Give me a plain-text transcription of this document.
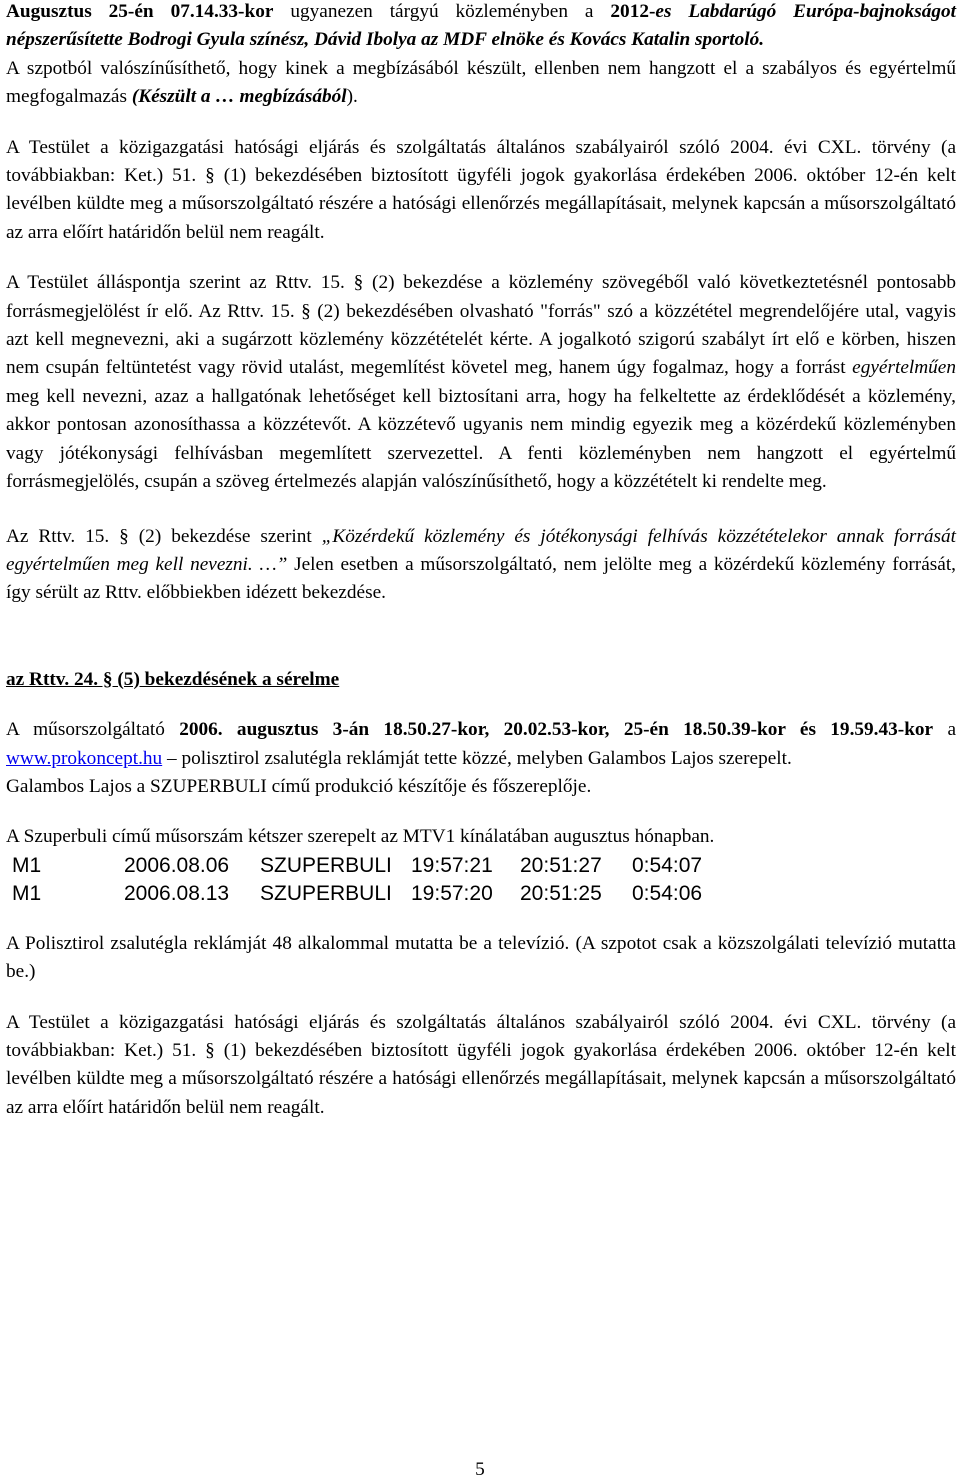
Augusztus 25-én 07.14.33-kor ugyanezen tárgyú közleményben a 2012-es Labdarúgó Európa-bajnokságot népszerűsítette Bodrogi Gyula színész, Dávid Ibolya az MDF elnöke és Kovács Katalin sportoló.

A szpotból valószínűsíthető, hogy kinek a megbízásából készült, ellenben nem hangzott el a szabályos és egyértelmű megfogalmazás (Készült a … megbízásából).

A Testület a közigazgatási hatósági eljárás és szolgáltatás általános szabályairól szóló 2004. évi CXL. törvény (a továbbiakban: Ket.) 51. § (1) bekezdésében biztosított ügyféli jogok gyakorlása érdekében 2006. október 12-én kelt levélben küldte meg a műsorszolgáltató részére a hatósági ellenőrzés megállapításait, melynek kapcsán a műsorszolgáltató az arra előírt határidőn belül nem reagált.

A Testület álláspontja szerint az Rttv. 15. § (2) bekezdése a közlemény szövegéből való következtetésnél pontosabb forrásmegjelölést ír elő. Az Rttv. 15. § (2) bekezdésében olvasható "forrás" szó a közzététel megrendelőjére utal, vagyis azt kell megnevezni, aki a sugárzott közlemény közzétételét kérte. A jogalkotó szigorú szabályt írt elő e körben, hiszen nem csupán feltüntetést vagy rövid utalást, megemlítést követel meg, hanem úgy fogalmaz, hogy a forrást egyértelműen meg kell nevezni, azaz a hallgatónak lehetőséget kell biztosítani arra, hogy ha felkeltette az érdeklődését a közlemény, akkor pontosan azonosíthassa a közzétevőt. A közzétevő ugyanis nem mindig egyezik meg a közérdekű közleményben vagy jótékonysági felhívásban megemlített szervezettel. A fenti közleményben nem hangzott el egyértelmű forrásmegjelölés, csupán a szöveg értelmezés alapján valószínűsíthető, hogy a közzétételt ki rendelte meg.

Az Rttv. 15. § (2) bekezdése szerint „Közérdekű közlemény és jótékonysági felhívás közzétételekor annak forrását egyértelműen meg kell nevezni. …” Jelen esetben a műsorszolgáltató, nem jelölte meg a közérdekű közlemény forrását, így sérült az Rttv. előbbiekben idézett bekezdése.

az Rttv. 24. § (5) bekezdésének a sérelme

A műsorszolgáltató 2006. augusztus 3-án 18.50.27-kor, 20.02.53-kor, 25-én 18.50.39-kor és 19.59.43-kor a www.prokoncept.hu – polisztirol zsalutégla reklámját tette közzé, melyben Galambos Lajos szerepelt.

Galambos Lajos a SZUPERBULI című produkció készítője és főszereplője.

A Szuperbuli című műsorszám kétszer szerepelt az MTV1 kínálatában augusztus hónapban.

M1	2006.08.06 SZUPERBULI 19:57:21 20:51:27 0:54:07

M1	2006.08.13 SZUPERBULI 19:57:20 20:51:25 0:54:06

A Polisztirol zsalutégla reklámját 48 alkalommal mutatta be a televízió. (A szpotot csak a közszolgálati televízió mutatta be.)

A Testület a közigazgatási hatósági eljárás és szolgáltatás általános szabályairól szóló 2004. évi CXL. törvény (a továbbiakban: Ket.) 51. § (1) bekezdésében biztosított ügyféli jogok gyakorlása érdekében 2006. október 12-én kelt levélben küldte meg a műsorszolgáltató részére a hatósági ellenőrzés megállapításait, melynek kapcsán a műsorszolgáltató az arra előírt határidőn belül nem reagált.

5
